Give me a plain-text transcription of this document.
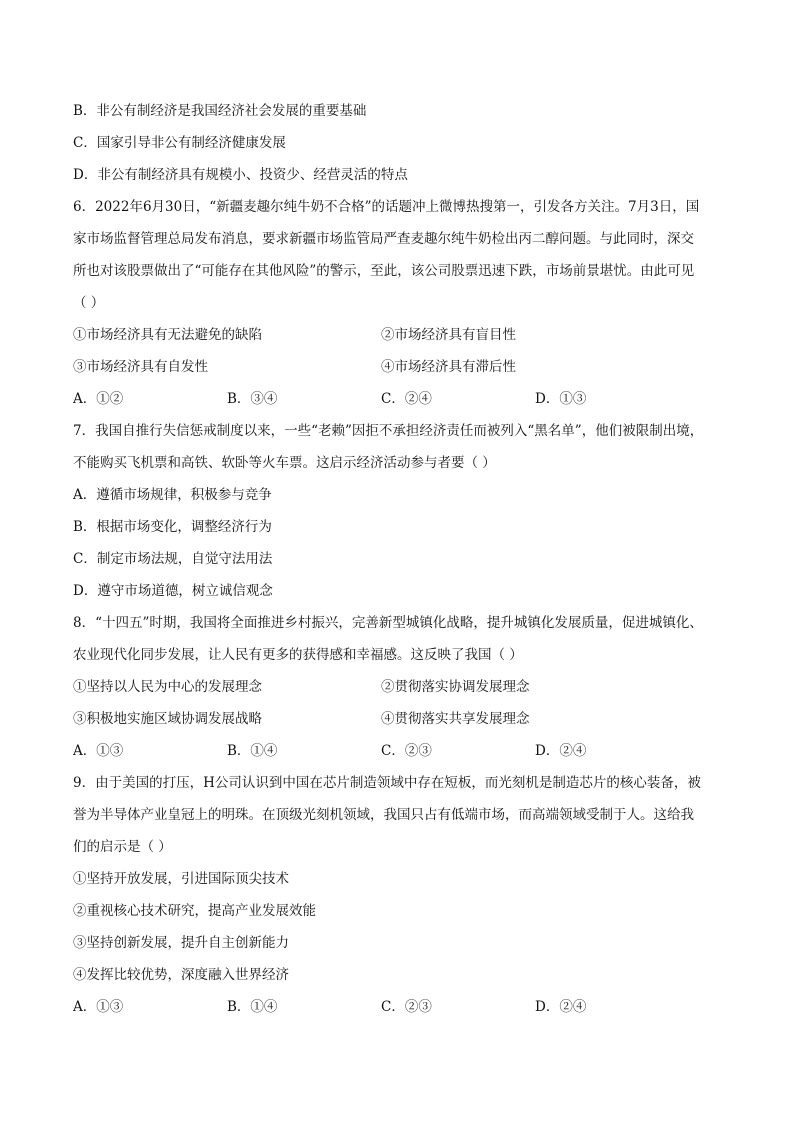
B．非公有制经济是我国经济社会发展的重要基础
C．国家引导非公有制经济健康发展
D．非公有制经济具有规模小、投资少、经营灵活的特点
6．2022年6月30日，“新疆麦趣尔纯牛奶不合格”的话题冲上微博热搜第一，引发各方关注。7月3日，国
家市场监督管理总局发布消息，要求新疆市场监管局严查麦趣尔纯牛奶检出丙二醇问题。与此同时，深交
所也对该股票做出了“可能存在其他风险”的警示，至此，该公司股票迅速下跌，市场前景堪忧。由此可见
（ ）
①市场经济具有无法避免的缺陷	②市场经济具有盲目性
③市场经济具有自发性	④市场经济具有滞后性
A．①②	B．③④	C．②④	D．①③
7．我国自推行失信惩戒制度以来，一些“老赖”因拒不承担经济责任而被列入“黑名单”，他们被限制出境，
不能购买飞机票和高铁、软卧等火车票。这启示经济活动参与者要（ ）
A．遵循市场规律，积极参与竞争
B．根据市场变化，调整经济行为
C．制定市场法规，自觉守法用法
D．遵守市场道德，树立诚信观念
8．“十四五”时期，我国将全面推进乡村振兴，完善新型城镇化战略，提升城镇化发展质量，促进城镇化、
农业现代化同步发展，让人民有更多的获得感和幸福感。这反映了我国（ ）
①坚持以人民为中心的发展理念	②贯彻落实协调发展理念
③积极地实施区域协调发展战略	④贯彻落实共享发展理念
A．①③	B．①④	C．②③	D．②④
9．由于美国的打压，H公司认识到中国在芯片制造领域中存在短板，而光刻机是制造芯片的核心装备，被
誉为半导体产业皇冠上的明珠。在顶级光刻机领域，我国只占有低端市场，而高端领域受制于人。这给我
们的启示是（ ）
①坚持开放发展，引进国际顶尖技术
②重视核心技术研究，提高产业发展效能
③坚持创新发展，提升自主创新能力
④发挥比较优势，深度融入世界经济
A．①③	B．①④	C．②③	D．②④
